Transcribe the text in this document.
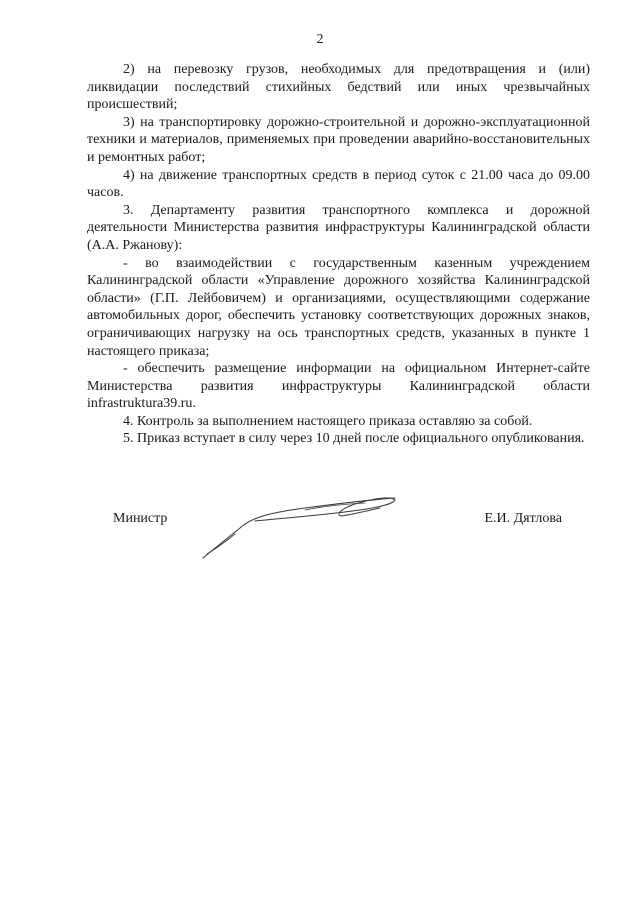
2

2) на перевозку грузов, необходимых для предотвращения и (или) ликвидации последствий стихийных бедствий или иных чрезвычайных происшествий;

3) на транспортировку дорожно-строительной и дорожно-эксплуатационной техники и материалов, применяемых при проведении аварийно-восстановительных и ремонтных работ;

4) на движение транспортных средств в период суток с 21.00 часа до 09.00 часов.

3. Департаменту развития транспортного комплекса и дорожной деятельности Министерства развития инфраструктуры Калининградской области (А.А. Ржанову):

- во взаимодействии с государственным казенным учреждением Калининградской области «Управление дорожного хозяйства Калининградской области» (Г.П. Лейбовичем) и организациями, осуществляющими содержание автомобильных дорог, обеспечить установку соответствующих дорожных знаков, ограничивающих нагрузку на ось транспортных средств, указанных в пункте 1 настоящего приказа;

- обеспечить размещение информации на официальном Интернет-сайте Министерства развития инфраструктуры Калининградской области infrastruktura39.ru.

4. Контроль за выполнением настоящего приказа оставляю за собой.

5. Приказ вступает в силу через 10 дней после официального опубликования.

Министр	Е.И. Дятлова
